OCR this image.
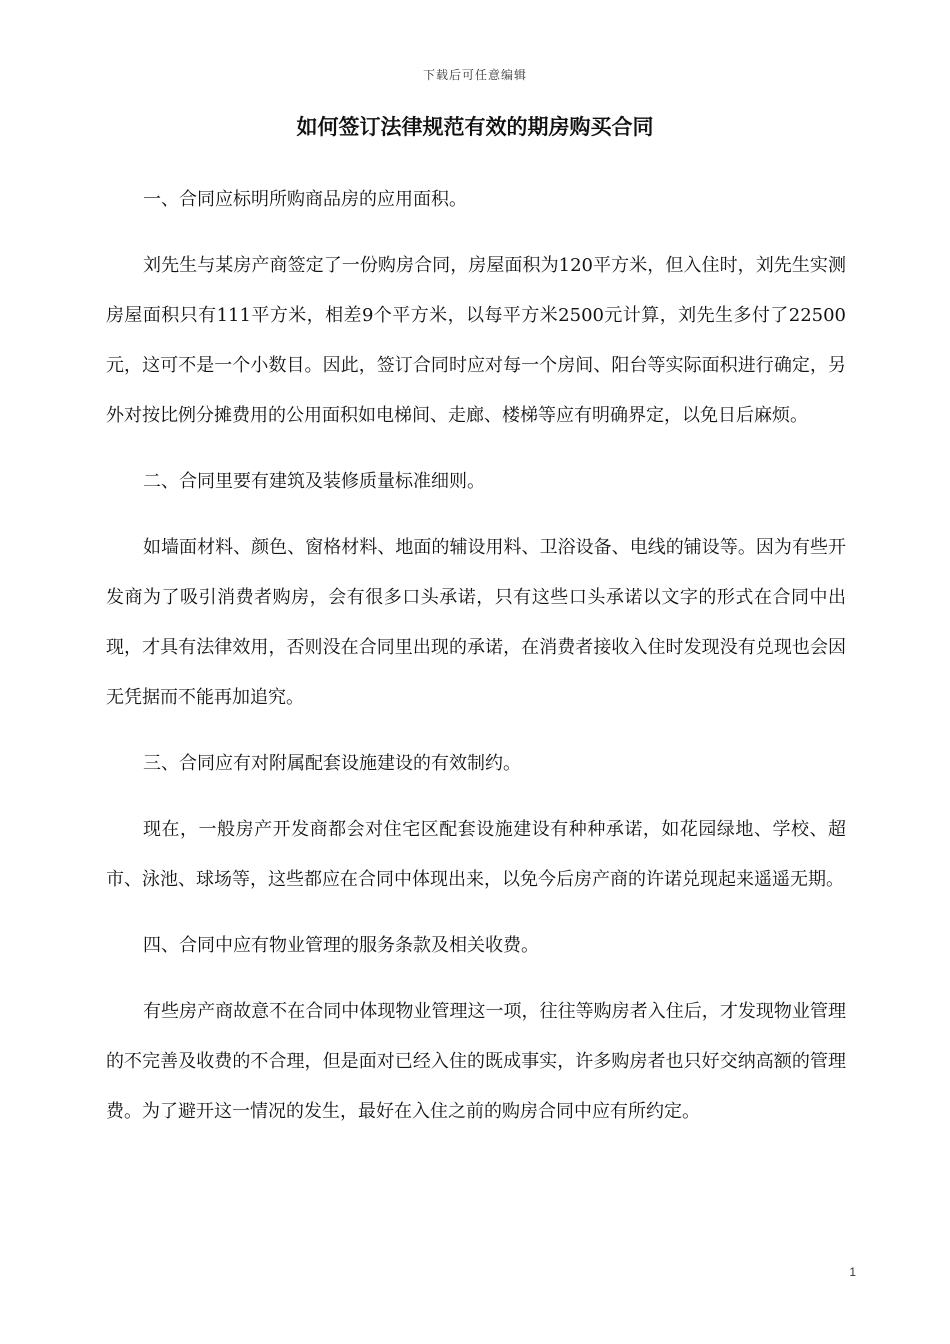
下载后可任意编辑
如何签订法律规范有效的期房购买合同

一、合同应标明所购商品房的应用面积。

刘先生与某房产商签定了一份购房合同，房屋面积为120平方米，但入住时，刘先生实测房屋面积只有111平方米，相差9个平方米，以每平方米2500元计算，刘先生多付了22500元，这可不是一个小数目。因此，签订合同时应对每一个房间、阳台等实际面积进行确定，另外对按比例分摊费用的公用面积如电梯间、走廊、楼梯等应有明确界定，以免日后麻烦。

二、合同里要有建筑及装修质量标准细则。

如墙面材料、颜色、窗格材料、地面的辅设用料、卫浴设备、电线的铺设等。因为有些开发商为了吸引消费者购房，会有很多口头承诺，只有这些口头承诺以文字的形式在合同中出现，才具有法律效用，否则没在合同里出现的承诺，在消费者接收入住时发现没有兑现也会因无凭据而不能再加追究。

三、合同应有对附属配套设施建设的有效制约。

现在，一般房产开发商都会对住宅区配套设施建设有种种承诺，如花园绿地、学校、超市、泳池、球场等，这些都应在合同中体现出来，以免今后房产商的许诺兑现起来遥遥无期。

四、合同中应有物业管理的服务条款及相关收费。

有些房产商故意不在合同中体现物业管理这一项，往往等购房者入住后，才发现物业管理的不完善及收费的不合理，但是面对已经入住的既成事实，许多购房者也只好交纳高额的管理费。为了避开这一情况的发生，最好在入住之前的购房合同中应有所约定。

1
